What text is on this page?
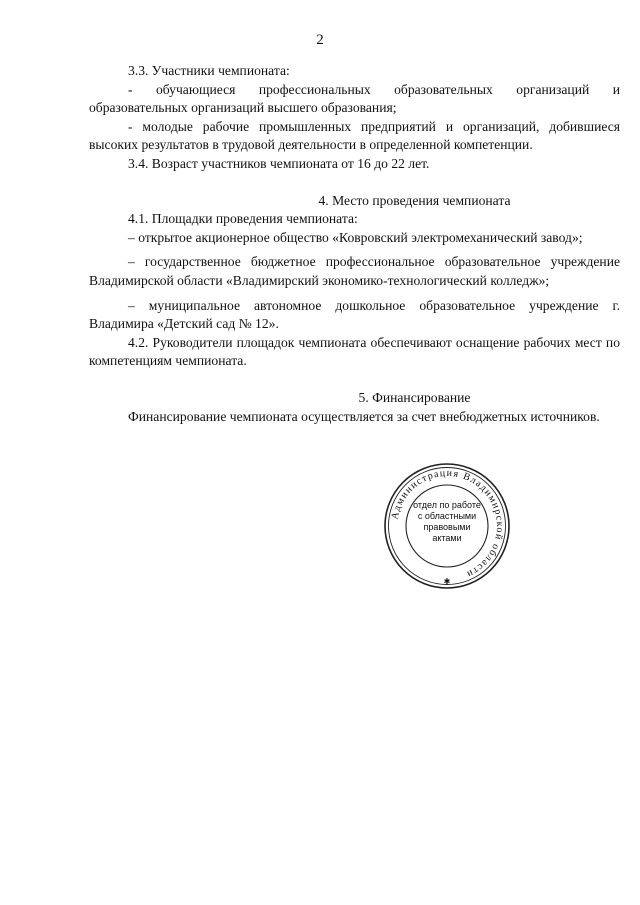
2

3.3. Участники чемпионата:

- обучающиеся профессиональных образовательных организаций и образовательных организаций высшего образования;

- молодые рабочие промышленных предприятий и организаций, добившиеся высоких результатов в трудовой деятельности в определенной компетенции.

3.4. Возраст участников чемпионата от 16 до 22 лет.

4. Место проведения чемпионата

4.1. Площадки проведения чемпионата:

– открытое акционерное общество «Ковровский электромеханический завод»;

– государственное бюджетное профессиональное образовательное учреждение Владимирской области «Владимирский экономико-технологический колледж»;

– муниципальное автономное дошкольное образовательное учреждение г. Владимира «Детский сад № 12».

4.2. Руководители площадок чемпионата обеспечивают оснащение рабочих мест по компетенциям чемпионата.

5. Финансирование

Финансирование чемпионата осуществляется за счет внебюджетных источников.

Администрация Владимирской области
✱
отдел по работе с областными правовыми актами
